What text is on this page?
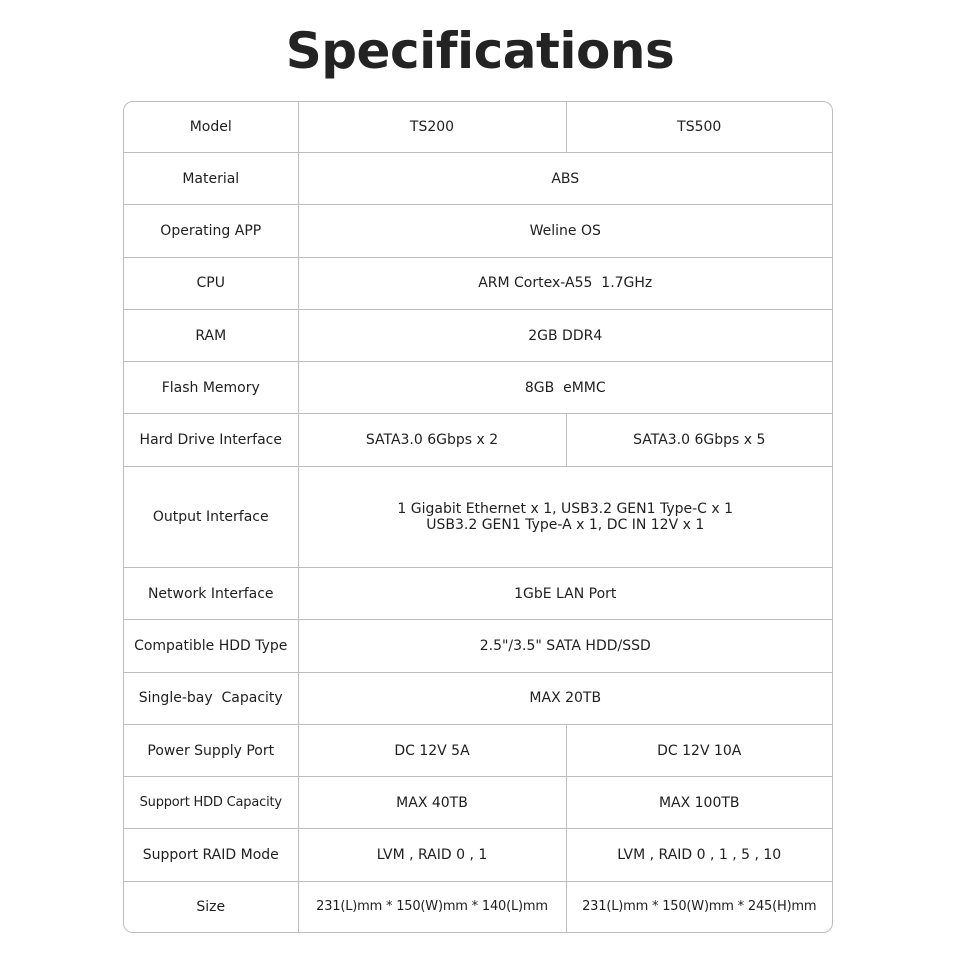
Specifications
Model	TS200	TS500
Material	ABS	
Operating APP	Weline OS	
CPU	ARM Cortex-A55  1.7GHz	
RAM	2GB DDR4	
Flash Memory	8GB  eMMC	
Hard Drive Interface	SATA3.0 6Gbps x 2	SATA3.0 6Gbps x 5
Output Interface	1 Gigabit Ethernet x 1, USB3.2 GEN1 Type-C x 1
USB3.2 GEN1 Type-A x 1, DC IN 12V x 1	

Network Interface	1GbE LAN Port	
Compatible HDD Type	2.5"/3.5" SATA HDD/SSD	
Single-bay  Capacity	MAX 20TB	
Power Supply Port	DC 12V 5A	DC 12V 10A
Support HDD Capacity	MAX 40TB	MAX 100TB
Support RAID Mode	LVM , RAID 0 , 1	LVM , RAID 0 , 1 , 5 , 10
Size	231(L)mm * 150(W)mm * 140(L)mm	231(L)mm * 150(W)mm * 245(H)mm
